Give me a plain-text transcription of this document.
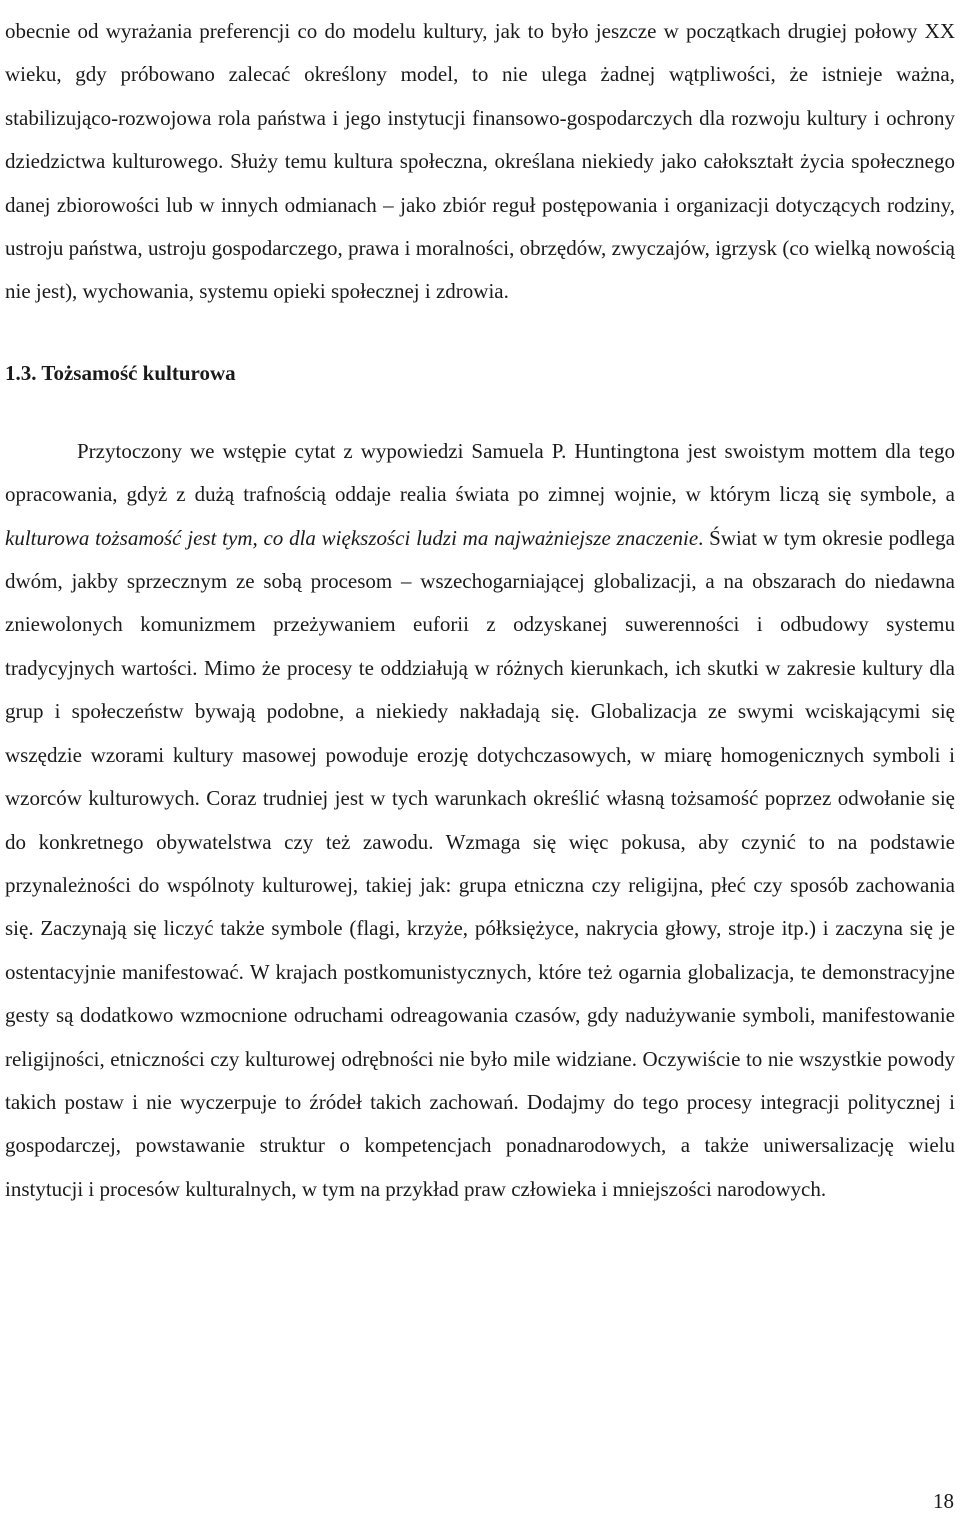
obecnie od wyrażania preferencji co do modelu kultury, jak to było jeszcze w początkach drugiej połowy XX wieku, gdy próbowano zalecać określony model, to nie ulega żadnej wątpliwości, że istnieje ważna, stabilizująco-rozwojowa rola państwa i jego instytucji finansowo-gospodarczych dla rozwoju kultury i ochrony dziedzictwa kulturowego. Służy temu kultura społeczna, określana niekiedy jako całokształt życia społecznego danej zbiorowości lub w innych odmianach – jako zbiór reguł postępowania i organizacji dotyczących rodziny, ustroju państwa, ustroju gospodarczego, prawa i moralności, obrzędów, zwyczajów, igrzysk (co wielką nowością nie jest), wychowania, systemu opieki społecznej i zdrowia.

1.3. Tożsamość kulturowa

Przytoczony we wstępie cytat z wypowiedzi Samuela P. Huntingtona jest swoistym mottem dla tego opracowania, gdyż z dużą trafnością oddaje realia świata po zimnej wojnie, w którym liczą się symbole, a kulturowa tożsamość jest tym, co dla większości ludzi ma najważniejsze znaczenie. Świat w tym okresie podlega dwóm, jakby sprzecznym ze sobą procesom – wszechogarniającej globalizacji, a na obszarach do niedawna zniewolonych komunizmem przeżywaniem euforii z odzyskanej suwerenności i odbudowy systemu tradycyjnych wartości. Mimo że procesy te oddziałują w różnych kierunkach, ich skutki w zakresie kultury dla grup i społeczeństw bywają podobne, a niekiedy nakładają się. Globalizacja ze swymi wciskającymi się wszędzie wzorami kultury masowej powoduje erozję dotychczasowych, w miarę homogenicznych symboli i wzorców kulturowych. Coraz trudniej jest w tych warunkach określić własną tożsamość poprzez odwołanie się do konkretnego obywatelstwa czy też zawodu. Wzmaga się więc pokusa, aby czynić to na podstawie przynależności do wspólnoty kulturowej, takiej jak: grupa etniczna czy religijna, płeć czy sposób zachowania się. Zaczynają się liczyć także symbole (flagi, krzyże, półksiężyce, nakrycia głowy, stroje itp.) i zaczyna się je ostentacyjnie manifestować. W krajach postkomunistycznych, które też ogarnia globalizacja, te demonstracyjne gesty są dodatkowo wzmocnione odruchami odreagowania czasów, gdy nadużywanie symboli, manifestowanie religijności, etniczności czy kulturowej odrębności nie było mile widziane. Oczywiście to nie wszystkie powody takich postaw i nie wyczerpuje to źródeł takich zachowań. Dodajmy do tego procesy integracji politycznej i gospodarczej, powstawanie struktur o kompetencjach ponadnarodowych, a także uniwersalizację wielu instytucji i procesów kulturalnych, w tym na przykład praw człowieka i mniejszości narodowych.

18
